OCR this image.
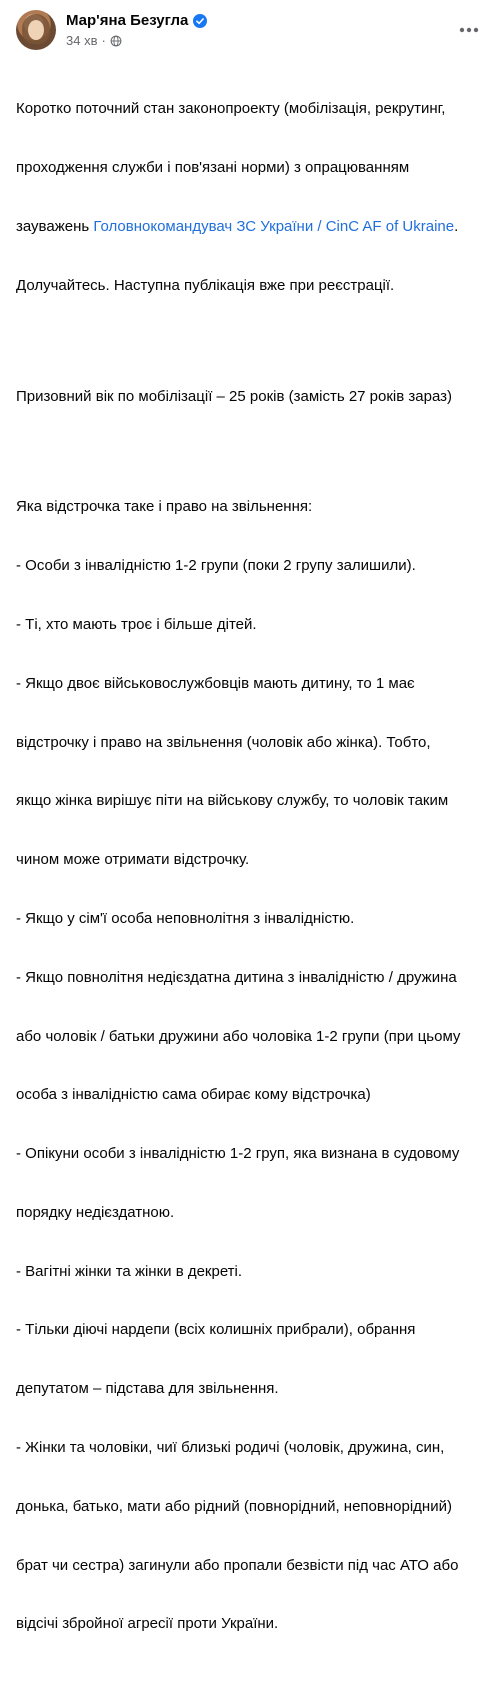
Мар'яна Безугла
34 хв ·

Коротко поточний стан законопроекту (мобілізація, рекрутинг,

проходження служби і пов'язані норми) з опрацюванням

зауважень Головнокомандувач ЗС України / CinC AF of Ukraine.

Долучайтесь. Наступна публікація вже при реєстрації.

Призовний вік по мобілізації – 25 років (замість 27 років зараз)

Яка відстрочка таке і право на звільнення:

- Особи з інвалідністю 1-2 групи (поки 2 групу залишили).

- Ті, хто мають троє і більше дітей.

- Якщо двоє військовослужбовців мають дитину, то 1 має

відстрочку і право на звільнення (чоловік або жінка). Тобто,

якщо жінка вирішує піти на військову службу, то чоловік таким

чином може отримати відстрочку.

- Якщо у сім'ї особа неповнолітня з інвалідністю.

- Якщо повнолітня недієздатна дитина з інвалідністю / дружина

або чоловік / батьки дружини або чоловіка 1-2 групи (при цьому

особа з інвалідністю сама обирає кому відстрочка)

- Опікуни особи з інвалідністю 1-2 груп, яка визнана в судовому

порядку недієздатною.

- Вагітні жінки та жінки в декреті.

- Тільки діючі нардепи (всіх колишніх прибрали), обрання

депутатом – підстава для звільнення.

- Жінки та чоловіки, чиї близькі родичі (чоловік, дружина, син,

донька, батько, мати або рідний (повнорідний, неповнорідний)

брат чи сестра) загинули або пропали безвісти під час АТО або

відсічі збройної агресії проти України.
